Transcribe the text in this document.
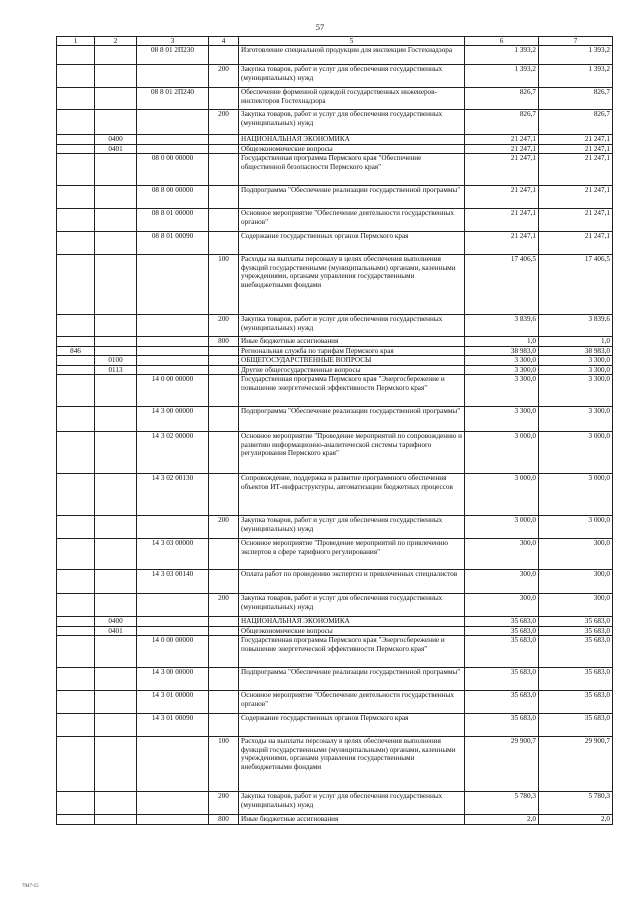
57
1	2	3	4	5	6	7
		08 8 01 2П230		Изготовление специальной продукции для инспекции Гостехнадзора	1 393,2	1 393,2
			200	Закупка товаров, работ и услуг для обеспечения государственных (муниципальных) нужд	1 393,2	1 393,2
		08 8 01 2П240		Обеспечение форменной одеждой государственных инженеров-инспекторов Гостехнадзора	826,7	826,7
			200	Закупка товаров, работ и услуг для обеспечения государственных (муниципальных) нужд	826,7	826,7
	0400			НАЦИОНАЛЬНАЯ ЭКОНОМИКА	21 247,1	21 247,1
	0401			Общеэкономические вопросы	21 247,1	21 247,1
		08 0 00 00000		Государственная программа Пермского края "Обеспечение общественной безопасности Пермского края"	21 247,1	21 247,1
		08 8 00 00000		Подпрограмма "Обеспечение реализации государственной программы"	21 247,1	21 247,1
		08 8 01 00000		Основное мероприятие "Обеспечение деятельности государственных органов"	21 247,1	21 247,1
		08 8 01 00090		Содержание государственных органов Пермского края	21 247,1	21 247,1
			100	Расходы на выплаты персоналу в целях обеспечения выполнения функций государственными (муниципальными) органами, казенными учреждениями, органами управления государственными внебюджетными фондами	17 406,5	17 406,5
			200	Закупка товаров, работ и услуг для обеспечения государственных (муниципальных) нужд	3 839,6	3 839,6
			800	Иные бюджетные ассигнования	1,0	1,0
846				Региональная служба по тарифам Пермского края	38 983,0	38 983,0
	0100			ОБЩЕГОСУДАРСТВЕННЫЕ ВОПРОСЫ	3 300,0	3 300,0
	0113			Другие общегосударственные вопросы	3 300,0	3 300,0
		14 0 00 00000		Государственная программа Пермского края "Энергосбережение и повышение энергетической эффективности Пермского края"	3 300,0	3 300,0
		14 3 00 00000		Подпрограмма "Обеспечение реализации государственной программы"	3 300,0	3 300,0
		14 3 02 00000		Основное мероприятие "Проведение мероприятий по сопровождению и развитию информационно-аналитической системы тарифного регулирования Пермского края"	3 000,0	3 000,0
		14 3 02 00130		Сопровождение, поддержка и развитие программного обеспечения объектов ИТ-инфраструктуры, автоматизации бюджетных процессов	3 000,0	3 000,0
			200	Закупка товаров, работ и услуг для обеспечения государственных (муниципальных) нужд	3 000,0	3 000,0
		14 3 03 00000		Основное мероприятие "Проведение мероприятий по привлечению экспертов в сфере тарифного регулирования"	300,0	300,0
		14 3 03 00140		Оплата работ по проведению экспертиз и привлеченных специалистов	300,0	300,0
			200	Закупка товаров, работ и услуг для обеспечения государственных (муниципальных) нужд	300,0	300,0
	0400			НАЦИОНАЛЬНАЯ ЭКОНОМИКА	35 683,0	35 683,0
	0401			Общеэкономические вопросы	35 683,0	35 683,0
		14 0 00 00000		Государственная программа Пермского края "Энергосбережение и повышение энергетической эффективности Пермского края"	35 683,0	35 683,0
		14 3 00 00000		Подпрограмма "Обеспечение реализации государственной программы"	35 683,0	35 683,0
		14 3 01 00000		Основное мероприятие "Обеспечение деятельности государственных органов"	35 683,0	35 683,0
		14 3 01 00090		Содержание государственных органов Пермского края	35 683,0	35 683,0
			100	Расходы на выплаты персоналу в целях обеспечения выполнения функций государственными (муниципальными) органами, казенными учреждениями, органами управления государственными внебюджетными фондами	29 900,7	29 900,7
			200	Закупка товаров, работ и услуг для обеспечения государственных (муниципальных) нужд	5 780,3	5 780,3
			800	Иные бюджетные ассигнования	2,0	2,0
7947-15
